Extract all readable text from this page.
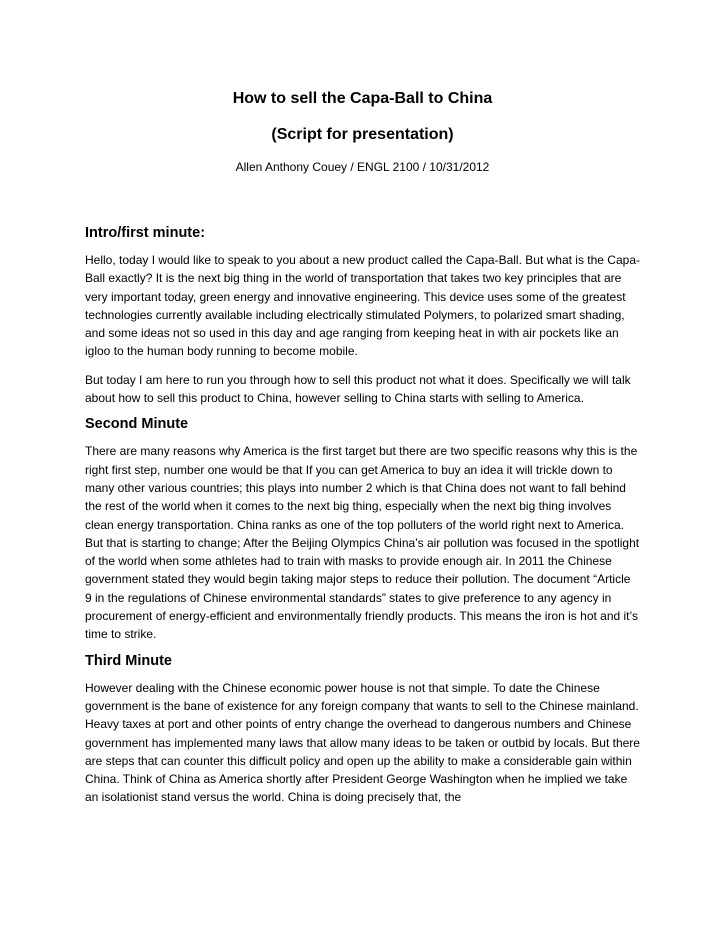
How to sell the Capa-Ball to China

(Script for presentation)

Allen Anthony Couey / ENGL 2100 / 10/31/2012

Intro/first minute:

Hello, today I would like to speak to you about a new product called the Capa-Ball. But what is the Capa-Ball exactly? It is the next big thing in the world of transportation that takes two key principles that are very important today, green energy and innovative engineering. This device uses some of the greatest technologies currently available including electrically stimulated Polymers, to polarized smart shading, and some ideas not so used in this day and age ranging from keeping heat in with air pockets like an igloo to the human body running to become mobile.

But today I am here to run you through how to sell this product not what it does. Specifically we will talk about how to sell this product to China, however selling to China starts with selling to America.

Second Minute

There are many reasons why America is the first target but there are two specific reasons why this is the right first step, number one would be that If you can get America to buy an idea it will trickle down to many other various countries; this plays into number 2 which is that China does not want to fall behind the rest of the world when it comes to the next big thing, especially when the next big thing involves clean energy transportation. China ranks as one of the top polluters of the world right next to America. But that is starting to change; After the Beijing Olympics China’s air pollution was focused in the spotlight of the world when some athletes had to train with masks to provide enough air. In 2011 the Chinese government stated they would begin taking major steps to reduce their pollution. The document “Article 9 in the regulations of Chinese environmental standards” states to give preference to any agency in procurement of energy-efficient and environmentally friendly products. This means the iron is hot and it’s time to strike.

Third Minute

However dealing with the Chinese economic power house is not that simple. To date the Chinese government is the bane of existence for any foreign company that wants to sell to the Chinese mainland. Heavy taxes at port and other points of entry change the overhead to dangerous numbers and Chinese government has implemented many laws that allow many ideas to be taken or outbid by locals. But there are steps that can counter this difficult policy and open up the ability to make a considerable gain within China. Think of China as America shortly after President George Washington when he implied we take an isolationist stand versus the world. China is doing precisely that, the
